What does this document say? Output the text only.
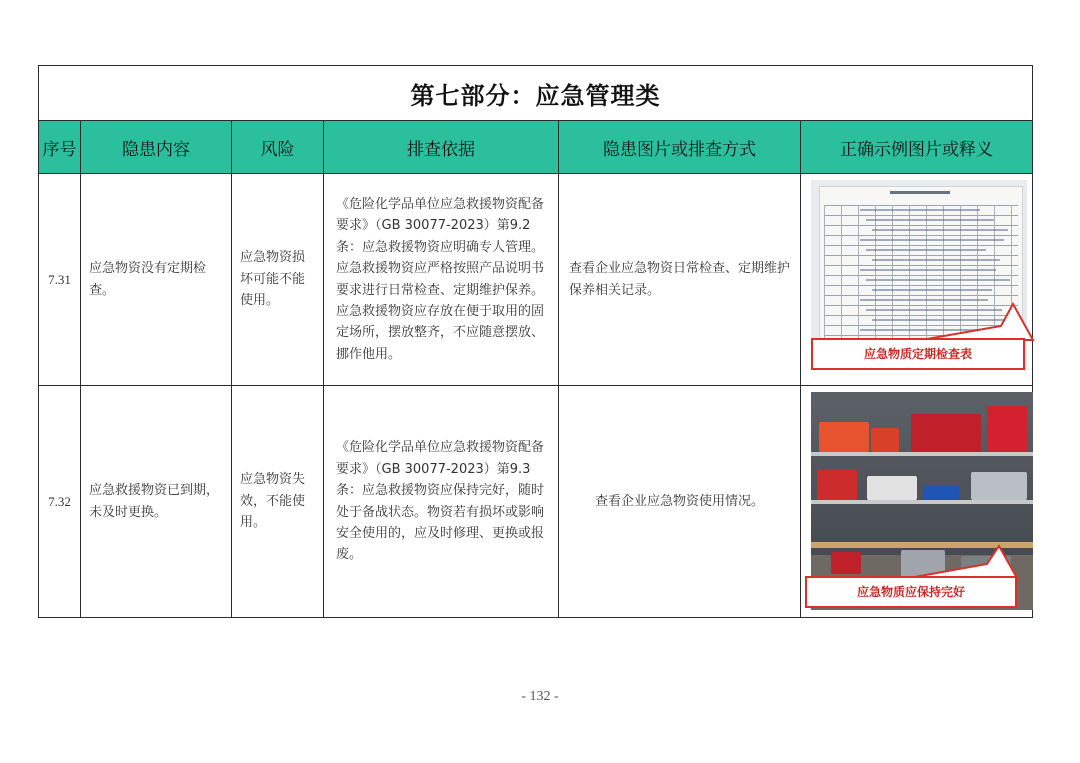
第七部分：应急管理类					
序号	隐患内容	风险	排查依据	隐患图片或排查方式	正确示例图片或释义
7.31	应急物资没有定期检查。	应急物资损坏可能不能使用。	《危险化学品单位应急救援物资配备要求》（GB 30077-2023）第9.2条：应急救援物资应明确专人管理。应急救援物资应严格按照产品说明书要求进行日常检查、定期维护保养。应急救援物资应存放在便于取用的固定场所，摆放整齐，不应随意摆放、挪作他用。	查看企业应急物资日常检查、定期维护保养相关记录。	应急物质定期检查表

7.32	应急救援物资已到期，未及时更换。	应急物资失效，不能使用。	《危险化学品单位应急救援物资配备要求》（GB 30077-2023）第9.3条：应急救援物资应保持完好，随时处于备战状态。物资若有损坏或影响安全使用的，应及时修理、更换或报废。	查看企业应急物资使用情况。	应急物质应保持完好
- 132 -
